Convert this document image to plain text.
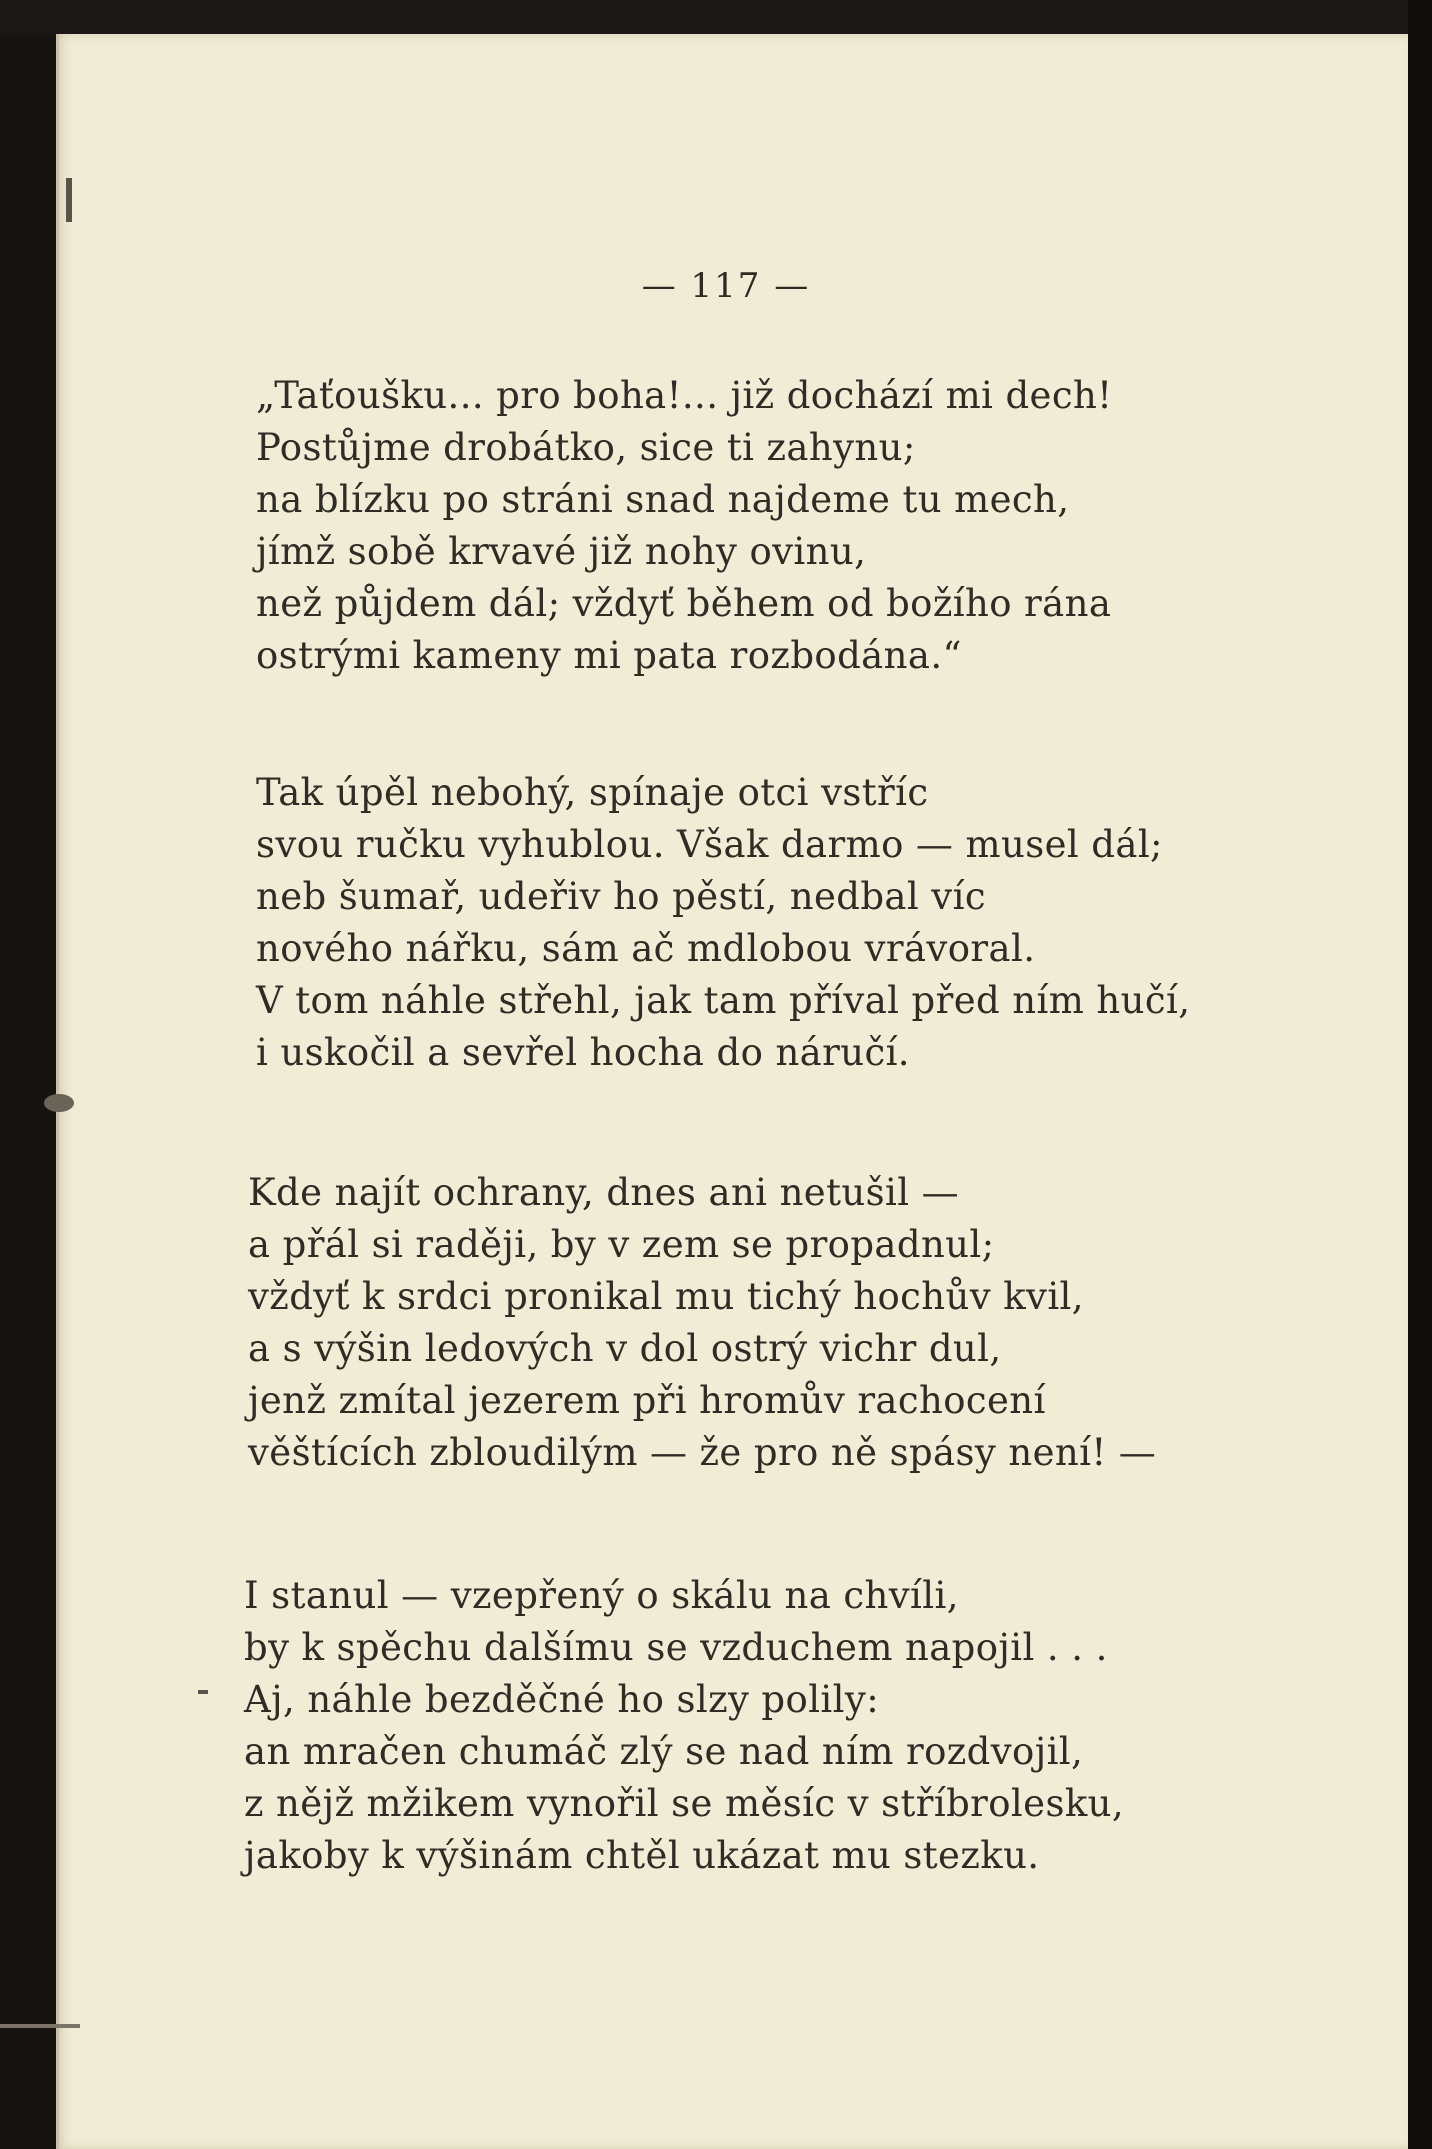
— 117 —
„Taťoušku... pro boha!... již dochází mi dech!
Postůjme drobátko, sice ti zahynu;
na blízku po stráni snad najdeme tu mech,
jímž sobě krvavé již nohy ovinu,
než půjdem dál; vždyť během od božího rána
ostrými kameny mi pata rozbodána.“
Tak úpěl nebohý, spínaje otci vstříc
svou ručku vyhublou. Však darmo — musel dál;
neb šumař, udeřiv ho pěstí, nedbal víc
nového nářku, sám ač mdlobou vrávoral.
V tom náhle střehl, jak tam příval před ním hučí,
i uskočil a sevřel hocha do náručí.
Kde najít ochrany, dnes ani netušil —
a přál si raději, by v zem se propadnul;
vždyť k srdci pronikal mu tichý hochův kvil,
a s výšin ledových v dol ostrý vichr dul,
jenž zmítal jezerem při hromův rachocení
věštících zbloudilým — že pro ně spásy není! —
I stanul — vzepřený o skálu na chvíli,
by k spěchu dalšímu se vzduchem napojil . . .
Aj, náhle bezděčné ho slzy polily:
an mračen chumáč zlý se nad ním rozdvojil,
z nějž mžikem vynořil se měsíc v stříbrolesku,
jakoby k výšinám chtěl ukázat mu stezku.
